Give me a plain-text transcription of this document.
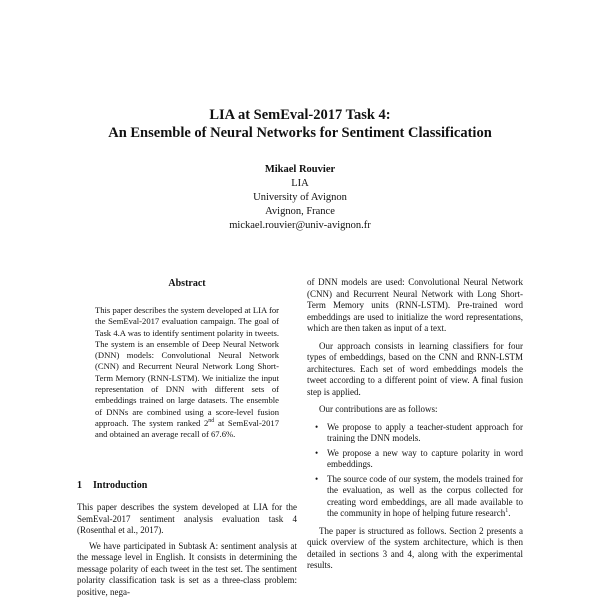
LIA at SemEval-2017 Task 4:
An Ensemble of Neural Networks for Sentiment Classification
Mikael Rouvier
LIA
University of Avignon
Avignon, France
mickael.rouvier@univ-avignon.fr
Abstract
This paper describes the system developed at LIA for the SemEval-2017 evaluation campaign. The goal of Task 4.A was to identify sentiment polarity in tweets. The system is an ensemble of Deep Neural Network (DNN) models: Convolutional Neural Network (CNN) and Recurrent Neural Network Long Short-Term Memory (RNN-LSTM). We initialize the input representation of DNN with different sets of embeddings trained on large datasets. The ensemble of DNNs are combined using a score-level fusion approach. The system ranked 2nd at SemEval-2017 and obtained an average recall of 67.6%.
1 Introduction

This paper describes the system developed at LIA for the SemEval-2017 sentiment analysis evaluation task 4 (Rosenthal et al., 2017).

We have participated in Subtask A: sentiment analysis at the message level in English. It consists in determining the message polarity of each tweet in the test set. The sentiment polarity classification task is set as a three-class problem: positive, nega-

of DNN models are used: Convolutional Neural Network (CNN) and Recurrent Neural Network with Long Short-Term Memory units (RNN-LSTM). Pre-trained word embeddings are used to initialize the word representations, which are then taken as input of a text.

Our approach consists in learning classifiers for four types of embeddings, based on the CNN and RNN-LSTM architectures. Each set of word embeddings models the tweet according to a different point of view. A final fusion step is applied.

Our contributions are as follows:

• We propose to apply a teacher-student approach for training the DNN models.
• We propose a new way to capture polarity in word embeddings.
• The source code of our system, the models trained for the evaluation, as well as the corpus collected for creating word embeddings, are all made available to the community in hope of helping future research$^1$.

The paper is structured as follows. Section 2 presents a quick overview of the system architecture, which is then detailed in sections 3 and 4, along with the experimental results.
